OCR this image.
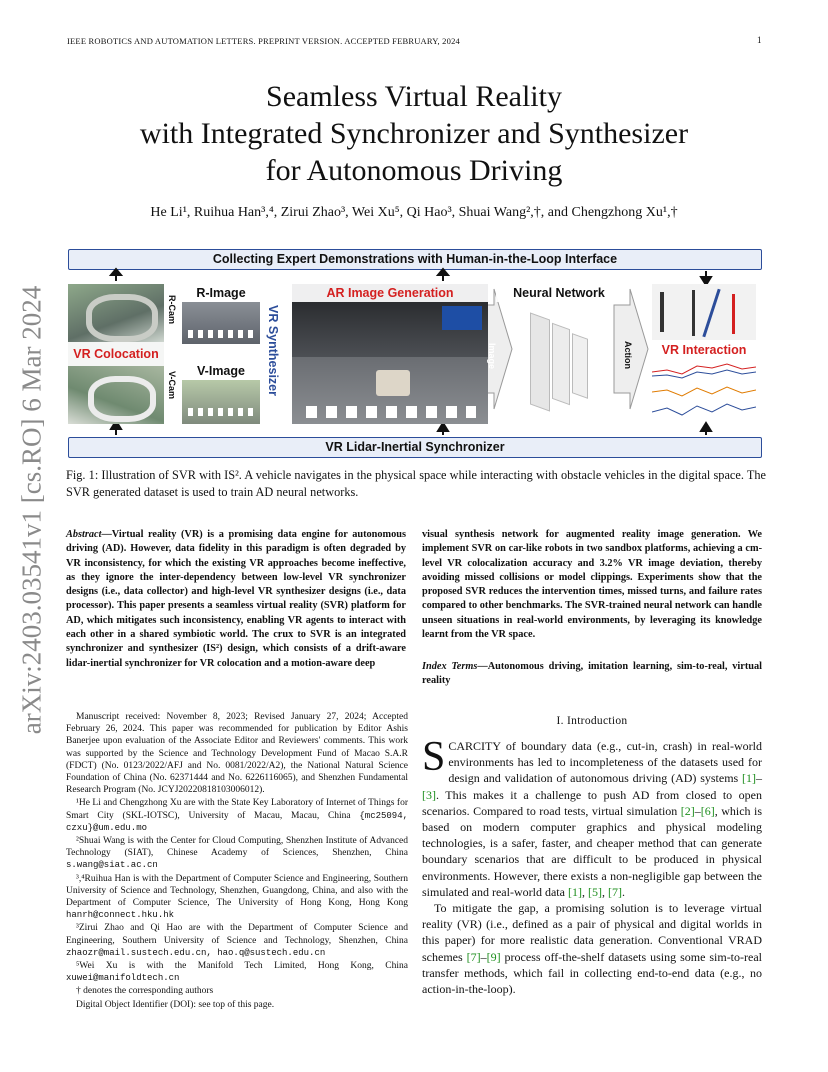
IEEE ROBOTICS AND AUTOMATION LETTERS. PREPRINT VERSION. ACCEPTED FEBRUARY, 2024	1
arXiv:2403.03541v1 [cs.RO] 6 Mar 2024
Seamless Virtual Reality
with Integrated Synchronizer and Synthesizer
for Autonomous Driving
He Li¹, Ruihua Han³,⁴, Zirui Zhao³, Wei Xu⁵, Qi Hao³, Shuai Wang²,†, and Chengzhong Xu¹,†
Collecting Expert Demonstrations with Human-in-the-Loop Interface
VR Lidar-Inertial Synchronizer
VR Colocation
R-Cam
V-Cam
R-Image
V-Image	VR Synthesizer
AR Image Generation
Image
Neural Network
Action	VR Interaction
Fig. 1: Illustration of SVR with IS². A vehicle navigates in the physical space while interacting with obstacle vehicles in the digital space. The SVR generated dataset is used to train AD neural networks.
Abstract—Virtual reality (VR) is a promising data engine for autonomous driving (AD). However, data fidelity in this paradigm is often degraded by VR inconsistency, for which the existing VR approaches become ineffective, as they ignore the inter-dependency between low-level VR synchronizer designs (i.e., data collector) and high-level VR synthesizer designs (i.e., data processor). This paper presents a seamless virtual reality (SVR) platform for AD, which mitigates such inconsistency, enabling VR agents to interact with each other in a shared symbiotic world. The crux to SVR is an integrated synchronizer and synthesizer (IS²) design, which consists of a drift-aware lidar-inertial synchronizer for VR colocation and a motion-aware deep
visual synthesis network for augmented reality image generation. We implement SVR on car-like robots in two sandbox platforms, achieving a cm-level VR colocalization accuracy and 3.2% VR image deviation, thereby avoiding missed collisions or model clippings. Experiments show that the proposed SVR reduces the intervention times, missed turns, and failure rates compared to other benchmarks. The SVR-trained neural network can handle unseen situations in real-world environments, by leveraging its knowledge learnt from the VR space.
Index Terms—Autonomous driving, imitation learning, sim-to-real, virtual reality

Manuscript received: November 8, 2023; Revised January 27, 2024; Accepted February 26, 2024. This paper was recommended for publication by Editor Ashis Banerjee upon evaluation of the Associate Editor and Reviewers' comments. This work was supported by the Science and Technology Development Fund of Macao S.A.R (FDCT) (No. 0123/2022/AFJ and No. 0081/2022/A2), the National Natural Science Foundation of China (No. 62371444 and No. 6226116065), and Shenzhen Fundamental Research Program (No. JCYJ20220818103006012).

¹He Li and Chengzhong Xu are with the State Key Laboratory of Internet of Things for Smart City (SKL-IOTSC), University of Macau, Macau, China {mc25094, czxu}@um.edu.mo

²Shuai Wang is with the Center for Cloud Computing, Shenzhen Institute of Advanced Technology (SIAT), Chinese Academy of Sciences, Shenzhen, China s.wang@siat.ac.cn

³,⁴Ruihua Han is with the Department of Computer Science and Engineering, Southern University of Science and Technology, Shenzhen, Guangdong, China, and also with the Department of Computer Science, The University of Hong Kong, Hong Kong hanrh@connect.hku.hk

³Zirui Zhao and Qi Hao are with the Department of Computer Science and Engineering, Southern University of Science and Technology, Shenzhen, China zhaozr@mail.sustech.edu.cn, hao.q@sustech.edu.cn

⁵Wei Xu is with the Manifold Tech Limited, Hong Kong, China xuwei@manifoldtech.cn

† denotes the corresponding authors

Digital Object Identifier (DOI): see top of this page.

I. Introduction

SCARCITY of boundary data (e.g., cut-in, crash) in real-world environments has led to incompleteness of the datasets used for design and validation of autonomous driving (AD) systems [1]–[3]. This makes it a challenge to push AD from closed to open scenarios. Compared to road tests, virtual simulation [2]–[6], which is based on modern computer graphics and physical modeling technologies, is a safer, faster, and cheaper method that can generate boundary scenarios that are difficult to be produced in physical environments. However, there exists a non-negligible gap between the simulated and real-world data [1], [5], [7].

To mitigate the gap, a promising solution is to leverage virtual reality (VR) (i.e., defined as a pair of physical and digital worlds in this paper) for more realistic data generation. Conventional VRAD schemes [7]–[9] process off-the-shelf datasets using some sim-to-real transfer methods, which fail in collecting end-to-end data (e.g., no action-in-the-loop).
